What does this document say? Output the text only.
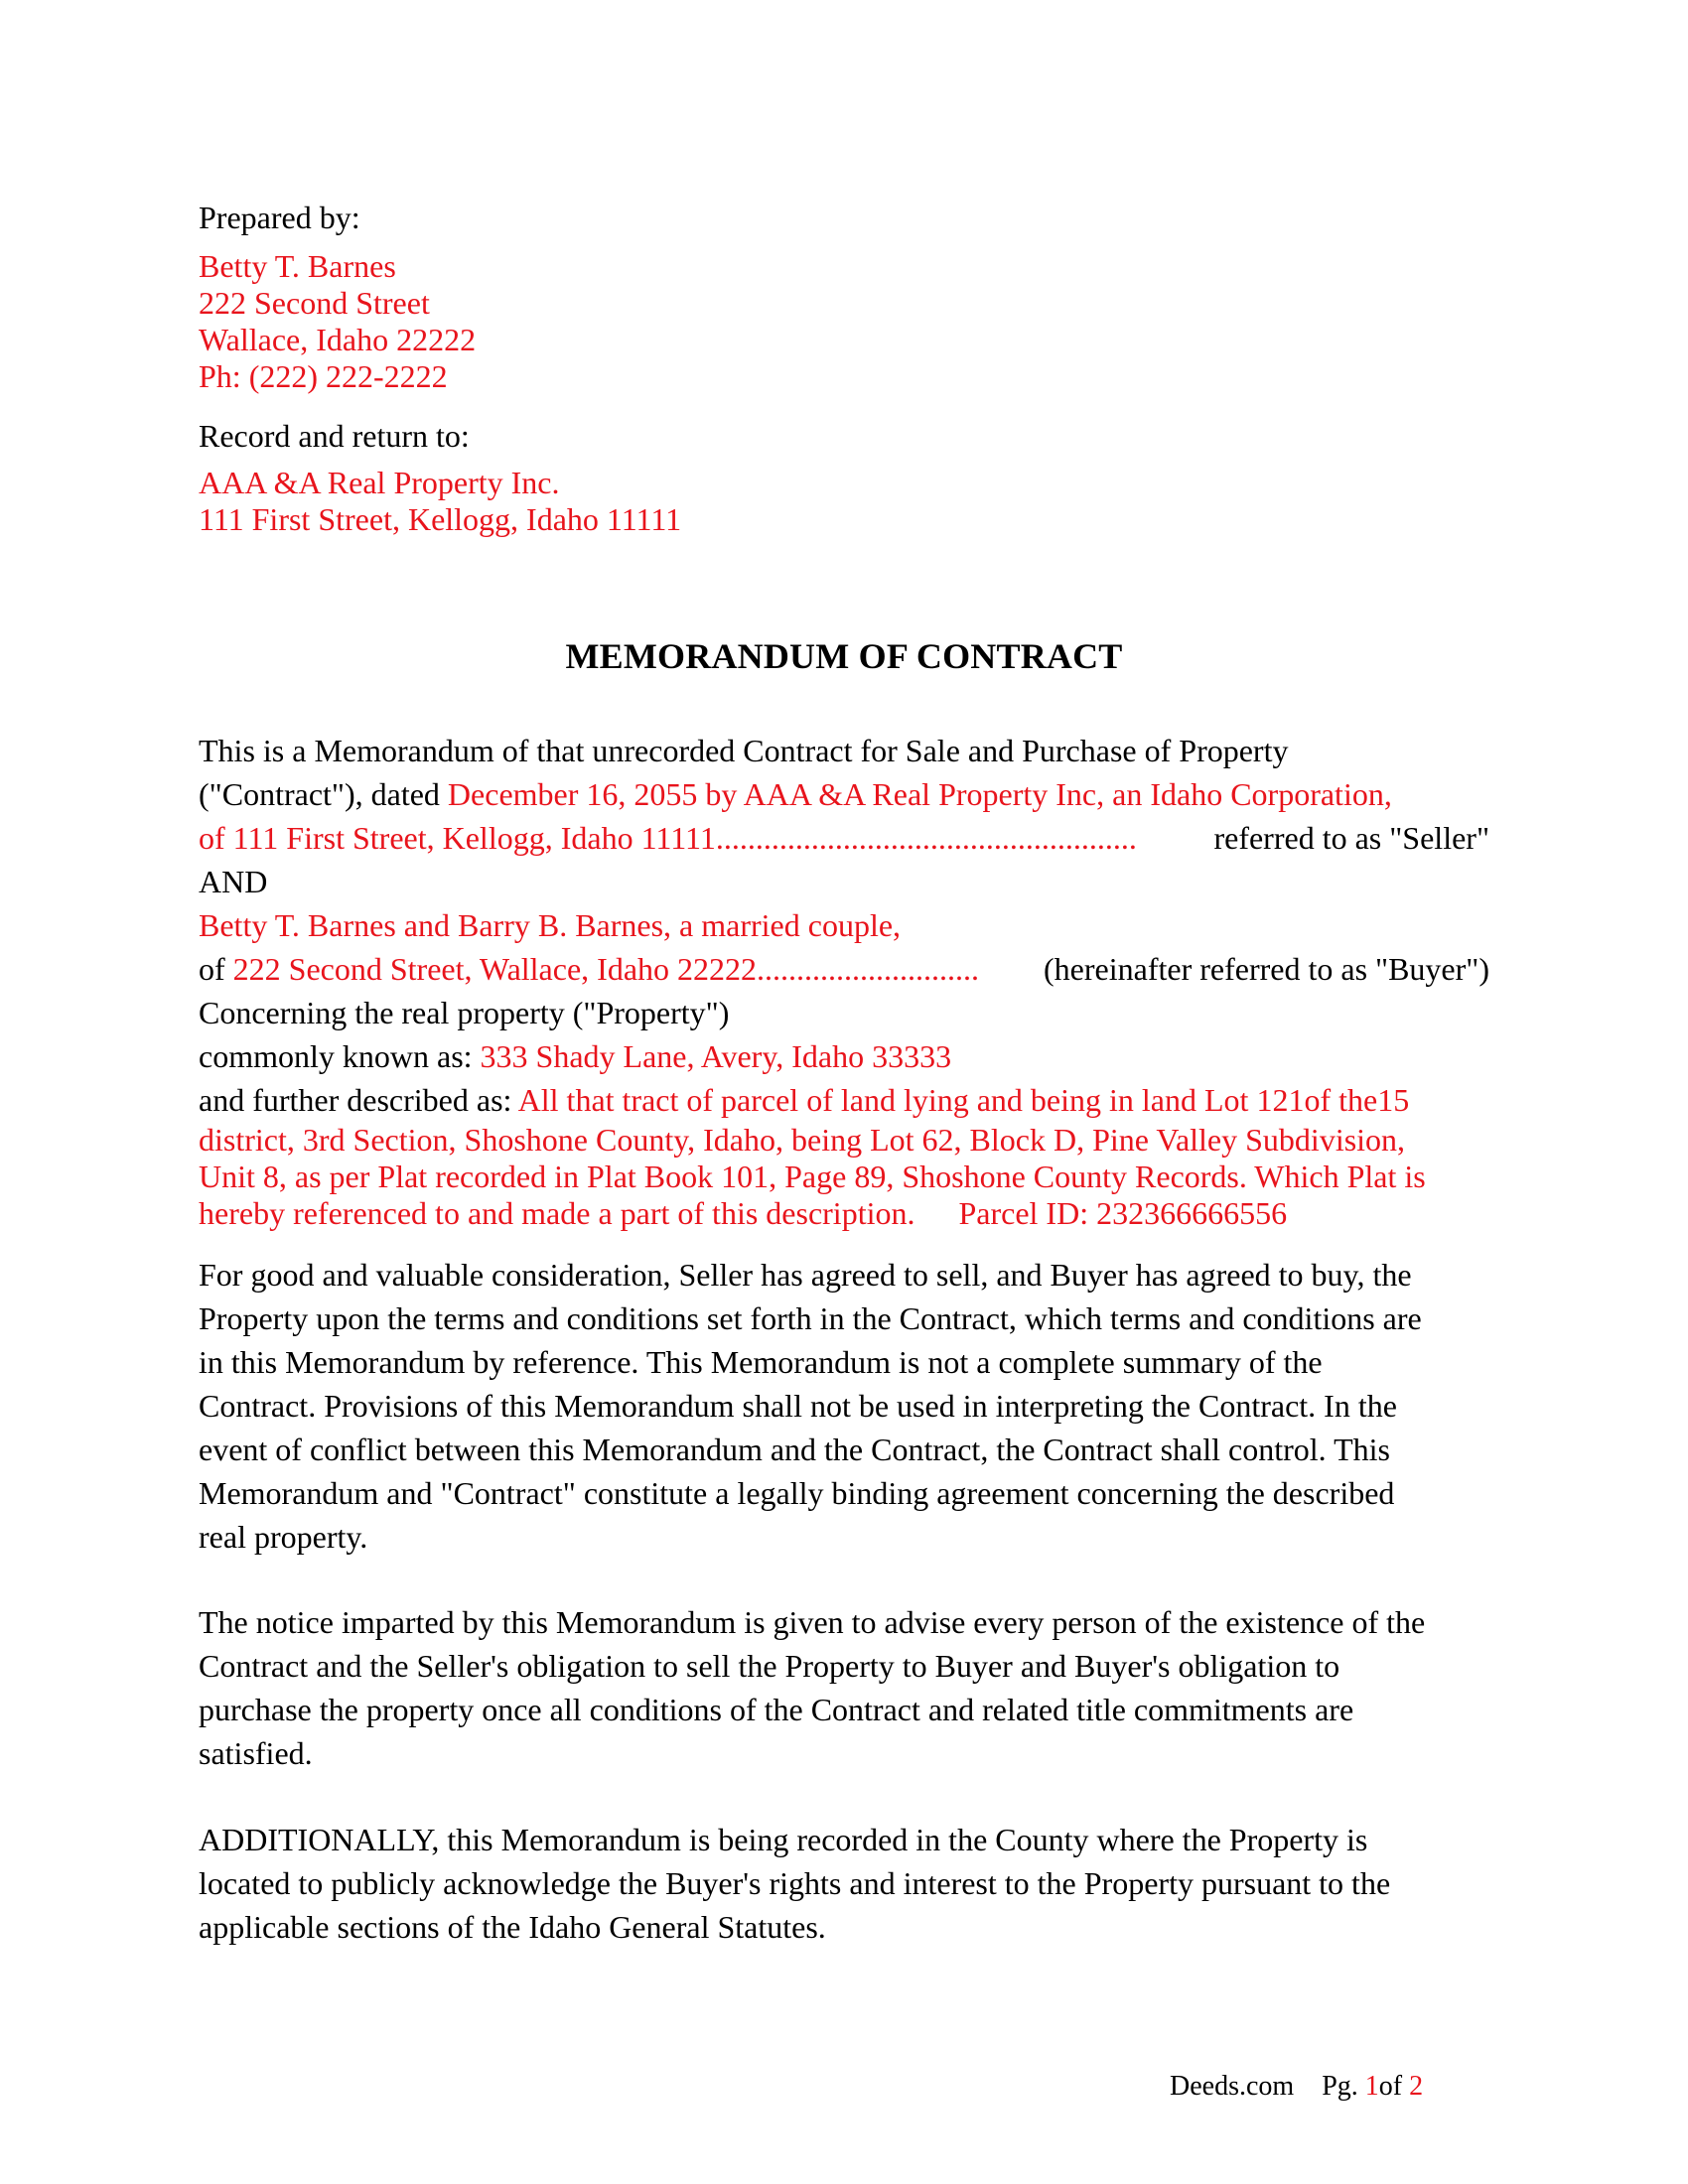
Prepared by:
Betty T. Barnes
222 Second Street
Wallace, Idaho 22222
Ph: (222) 222-2222
Record and return to:
AAA &A Real Property Inc.
111 First Street, Kellogg, Idaho 11111
MEMORANDUM OF CONTRACT
This is a Memorandum of that unrecorded Contract for Sale and Purchase of Property
("Contract"), dated December 16, 2055 by AAA &A Real Property Inc, an Idaho Corporation,
of 111 First Street, Kellogg, Idaho 11111..................................................... referred to as "Seller"
AND
Betty T. Barnes and Barry B. Barnes, a married couple,
of 222 Second Street, Wallace, Idaho 22222............................ (hereinafter referred to as "Buyer")
Concerning the real property ("Property")
commonly known as: 333 Shady Lane, Avery, Idaho 33333
and further described as: All that tract of parcel of land lying and being in land Lot 121of the15
district, 3rd Section, Shoshone County, Idaho, being Lot 62, Block D, Pine Valley Subdivision,
Unit 8, as per Plat recorded in Plat Book 101, Page 89, Shoshone County Records. Which Plat is
hereby referenced to and made a part of this description. Parcel ID: 232366666556
For good and valuable consideration, Seller has agreed to sell, and Buyer has agreed to buy, the
Property upon the terms and conditions set forth in the Contract, which terms and conditions are
in this Memorandum by reference. This Memorandum is not a complete summary of the
Contract. Provisions of this Memorandum shall not be used in interpreting the Contract. In the
event of conflict between this Memorandum and the Contract, the Contract shall control. This
Memorandum and "Contract" constitute a legally binding agreement concerning the described
real property.
The notice imparted by this Memorandum is given to advise every person of the existence of the
Contract and the Seller's obligation to sell the Property to Buyer and Buyer's obligation to
purchase the property once all conditions of the Contract and related title commitments are
satisfied.
ADDITIONALLY, this Memorandum is being recorded in the County where the Property is
located to publicly acknowledge the Buyer's rights and interest to the Property pursuant to the
applicable sections of the Idaho General Statutes.
Deeds.com Pg. 1of 2
